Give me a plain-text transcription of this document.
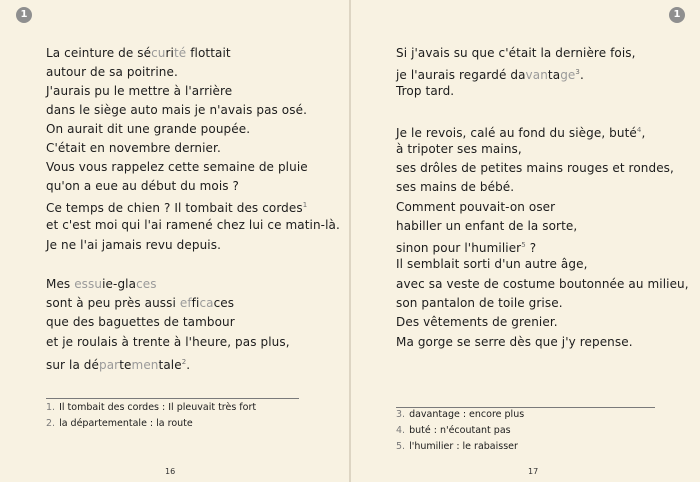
1
La ceinture de sécurité flottait
autour de sa poitrine.
J'aurais pu le mettre à l'arrière
dans le siège auto mais je n'avais pas osé.
On aurait dit une grande poupée.
C'était en novembre dernier.
Vous vous rappelez cette semaine de pluie
qu'on a eue au début du mois ?
Ce temps de chien ? Il tombait des cordes$^1$
et c'est moi qui l'ai ramené chez lui ce matin-là.
Je ne l'ai jamais revu depuis.
Mes essuie-glaces
sont à peu près aussi efficaces
que des baguettes de tambour
et je roulais à trente à l'heure, pas plus,
sur la départementale$^2$.
1. Il tombait des cordes : Il pleuvait très fort
2. la départementale : la route
16
1
Si j'avais su que c'était la dernière fois,
je l'aurais regardé davantage$^3$.
Trop tard.
Je le revois, calé au fond du siège, buté$^4$,
à tripoter ses mains,
ses drôles de petites mains rouges et rondes,
ses mains de bébé.
Comment pouvait-on oser
habiller un enfant de la sorte,
sinon pour l'humilier$^5$ ?
Il semblait sorti d'un autre âge,
avec sa veste de costume boutonnée au milieu,
son pantalon de toile grise.
Des vêtements de grenier.
Ma gorge se serre dès que j'y repense.
3. davantage : encore plus
4. buté : n'écoutant pas
5. l'humilier : le rabaisser
17
